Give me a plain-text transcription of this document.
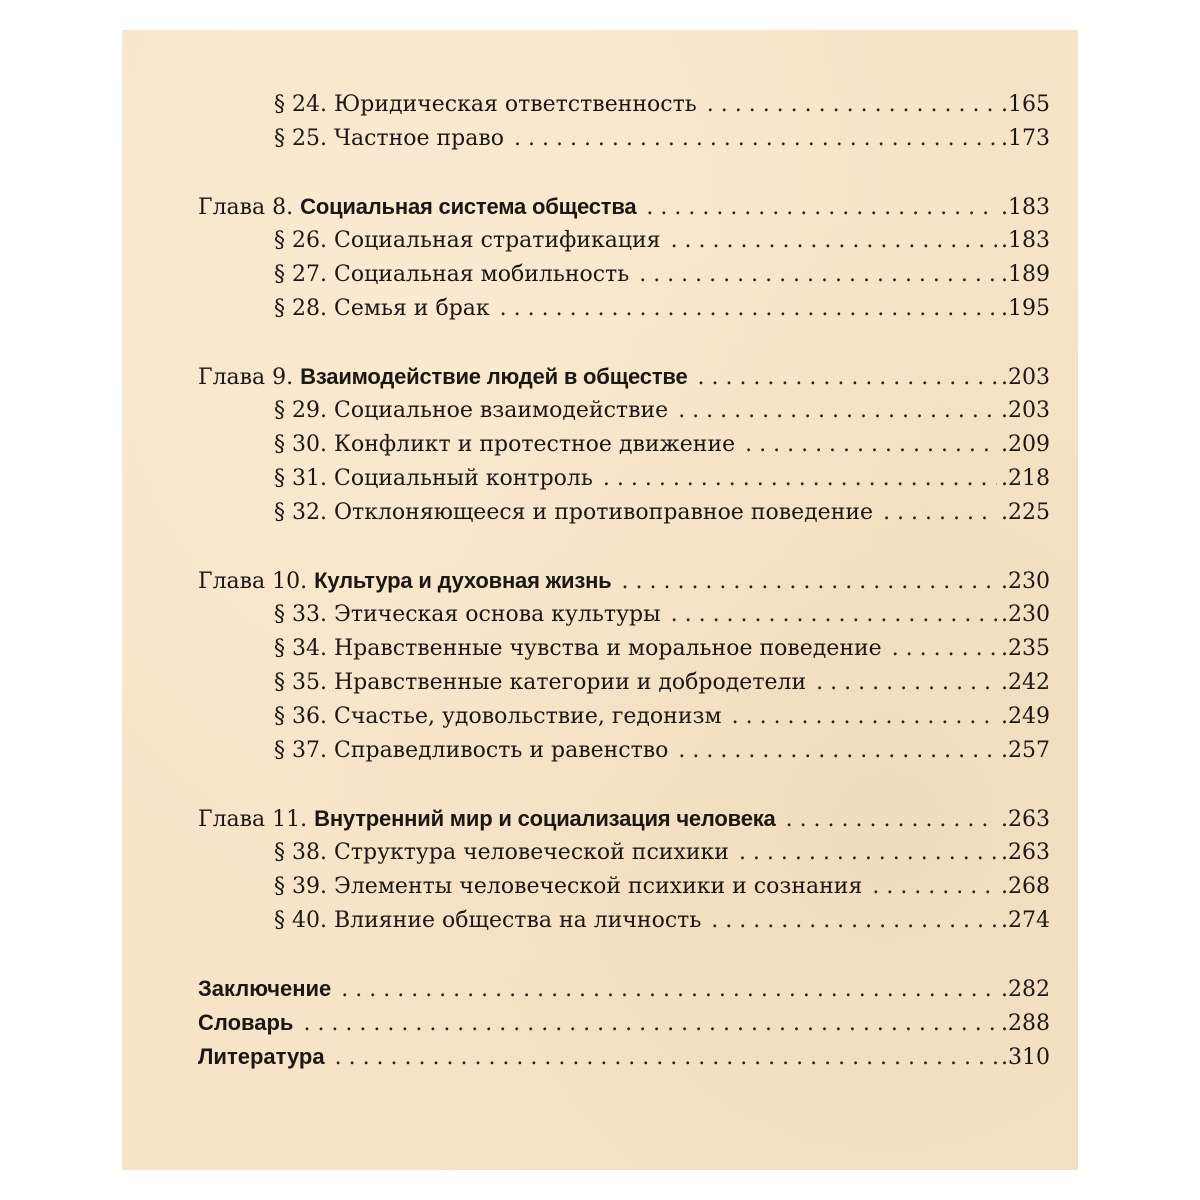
§ 24. Юридическая ответственность . . .	.165
§ 25. Частное право . . .	.173
Глава 8. Социальная система общества . . .	.183
§ 26. Социальная стратификация . . .	.183
§ 27. Социальная мобильность . . .	.189
§ 28. Семья и брак . . .	.195
Глава 9. Взаимодействие людей в обществе . . .	.203
§ 29. Социальное взаимодействие . . .	.203
§ 30. Конфликт и протестное движение . . .	.209
§ 31. Социальный контроль . . .	.218
§ 32. Отклоняющееся и противоправное поведение . . .	.225
Глава 10. Культура и духовная жизнь . . .	.230
§ 33. Этическая основа культуры . . .	.230
§ 34. Нравственные чувства и моральное поведение . . .	.235
§ 35. Нравственные категории и добродетели . . .	.242
§ 36. Счастье, удовольствие, гедонизм . . .	.249
§ 37. Справедливость и равенство . . .	.257
Глава 11. Внутренний мир и социализация человека . . .	.263
§ 38. Структура человеческой психики . . .	.263
§ 39. Элементы человеческой психики и сознания . . .	.268
§ 40. Влияние общества на личность . . .	.274
Заключение . . .	.282
Словарь . . .	.288
Литература . . .	.310
